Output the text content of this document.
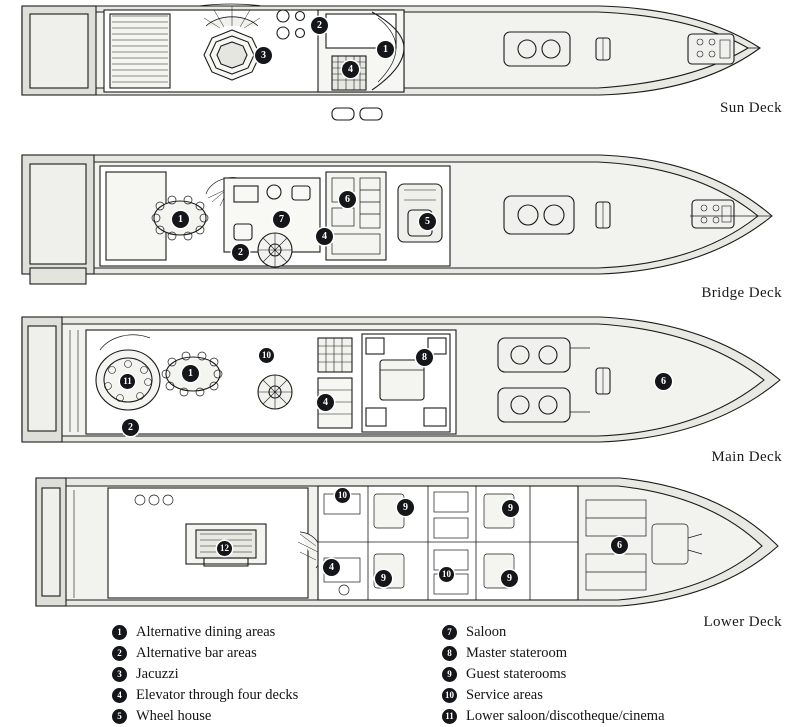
Sun Deck
Bridge Deck
Main Deck
Lower Deck
1
2
3
4
1
2
4
5
6
7
1
2
4
6
8
10
11
4
6
9	9
9	9
10
10
12
1 Alternative dining areas
2 Alternative bar areas
3 Jacuzzi
4 Elevator through four decks
5 Wheel house
7 Saloon
8 Master stateroom
9 Guest staterooms
10 Service areas
11 Lower saloon/discotheque/cinema
